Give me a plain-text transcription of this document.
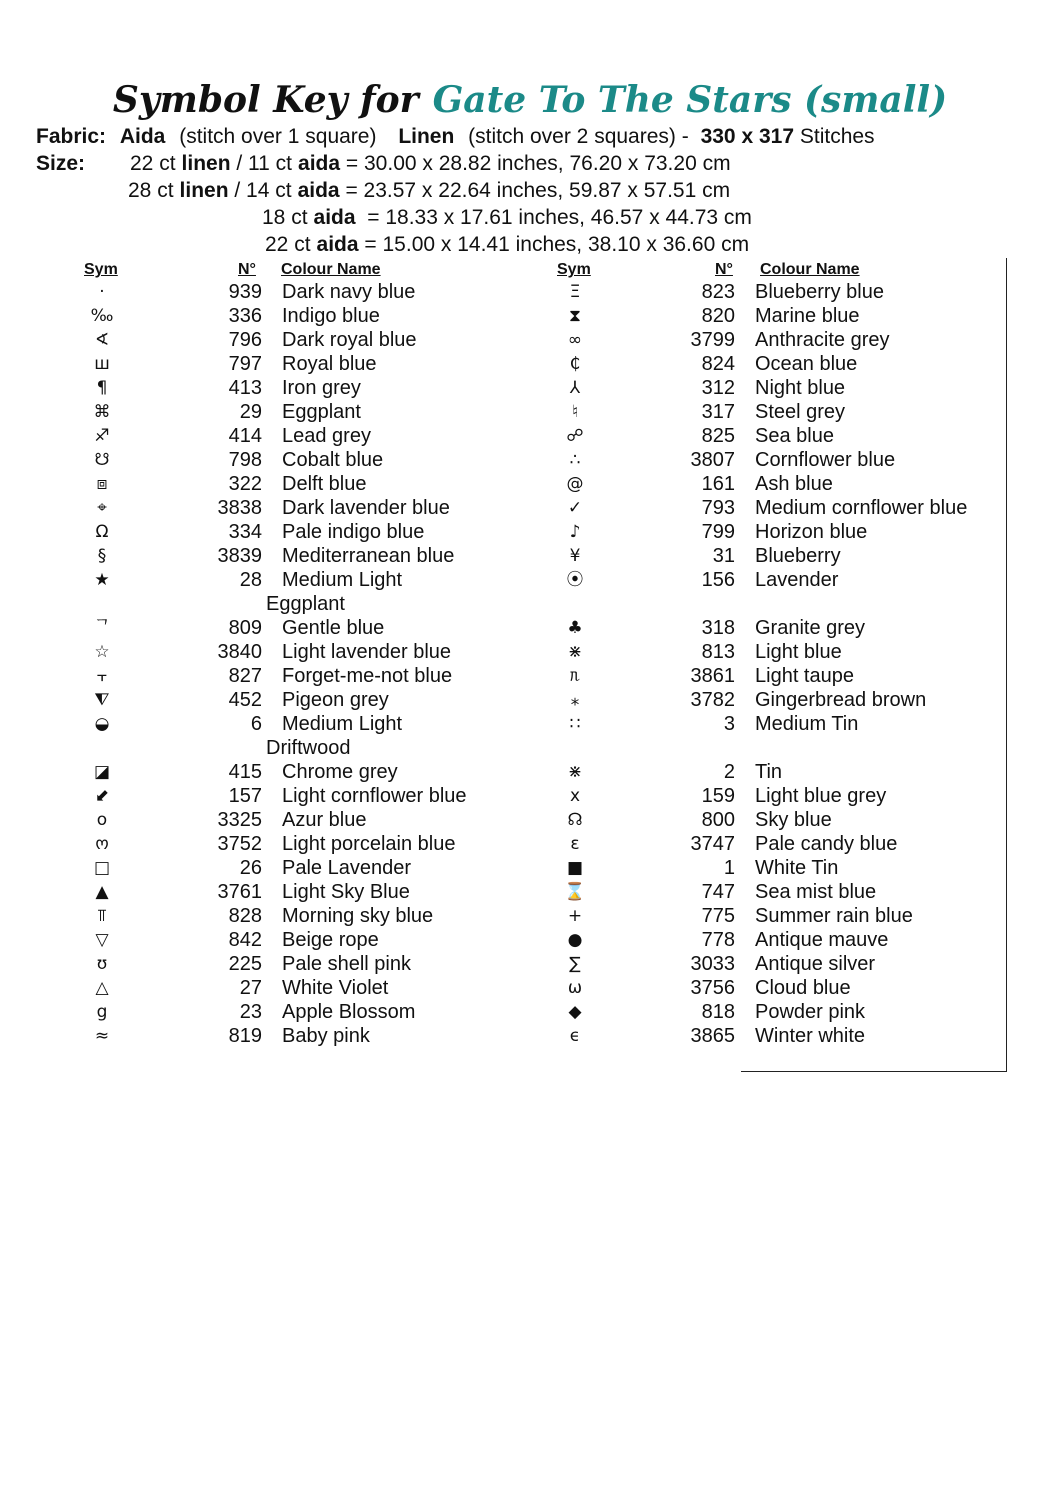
Symbol Key for Gate To The Stars (small)
Fabric: Aida (stitch over 1 square) Linen (stitch over 2 squares) - 330 x 317 Stitches
Size: 22 ct linen / 11 ct aida = 30.00 x 28.82 inches, 76.20 x 73.20 cm
28 ct linen / 14 ct aida = 23.57 x 22.64 inches, 59.87 x 57.51 cm
18 ct aida  = 18.33 x 17.61 inches, 46.57 x 44.73 cm
22 ct aida = 15.00 x 14.41 inches, 38.10 x 36.60 cm
Sym	N° Colour Name	Sym	N° Colour Name
·	939 Dark navy blue
‰	336 Indigo blue
∢	796 Dark royal blue
ш	797 Royal blue
¶	413 Iron grey
⌘	29 Eggplant
♐	414 Lead grey
☋	798 Cobalt blue
⧈	322 Delft blue
⌖	3838 Dark lavender blue
Ω	334 Pale indigo blue
§	3839 Mediterranean blue
★	28 Medium Light
Eggplant
ᄀ	809 Gentle blue
☆	3840 Light lavender blue
⫟	827 Forget-me-not blue
⧨	452 Pigeon grey
◒	6 Medium Light
Driftwood
◪	415 Chrome grey
⬋	157 Light cornflower blue
o	3325 Azur blue
ო	3752 Light porcelain blue
□	26 Pale Lavender
▲	3761 Light Sky Blue
⫪	828 Morning sky blue
▽	842 Beige rope
ʊ	225 Pale shell pink
△	27 White Violet
g	23 Apple Blossom
≈	819 Baby pink
Ξ	823 Blueberry blue
⧗	820 Marine blue
∞	3799 Anthracite grey
₵	824 Ocean blue
⅄	312 Night blue
♮	317 Steel grey
☍	825 Sea blue
∴	3807 Cornflower blue
@	161 Ash blue
✓	793 Medium cornflower blue
♪	799 Horizon blue
¥	31 Blueberry
⦿	156 Lavender
♣	318 Granite grey
⋇	813 Light blue
ᥰ	3861 Light taupe
⁎	3782 Gingerbread brown
∷	3 Medium Tin
⋇	2 Tin
x	159 Light blue grey
☊	800 Sky blue
ε	3747 Pale candy blue
■	1 White Tin
⌛	747 Sea mist blue
+	775 Summer rain blue
●	778 Antique mauve
∑	3033 Antique silver
ω	3756 Cloud blue
◆	818 Powder pink
ϵ	3865 Winter white
